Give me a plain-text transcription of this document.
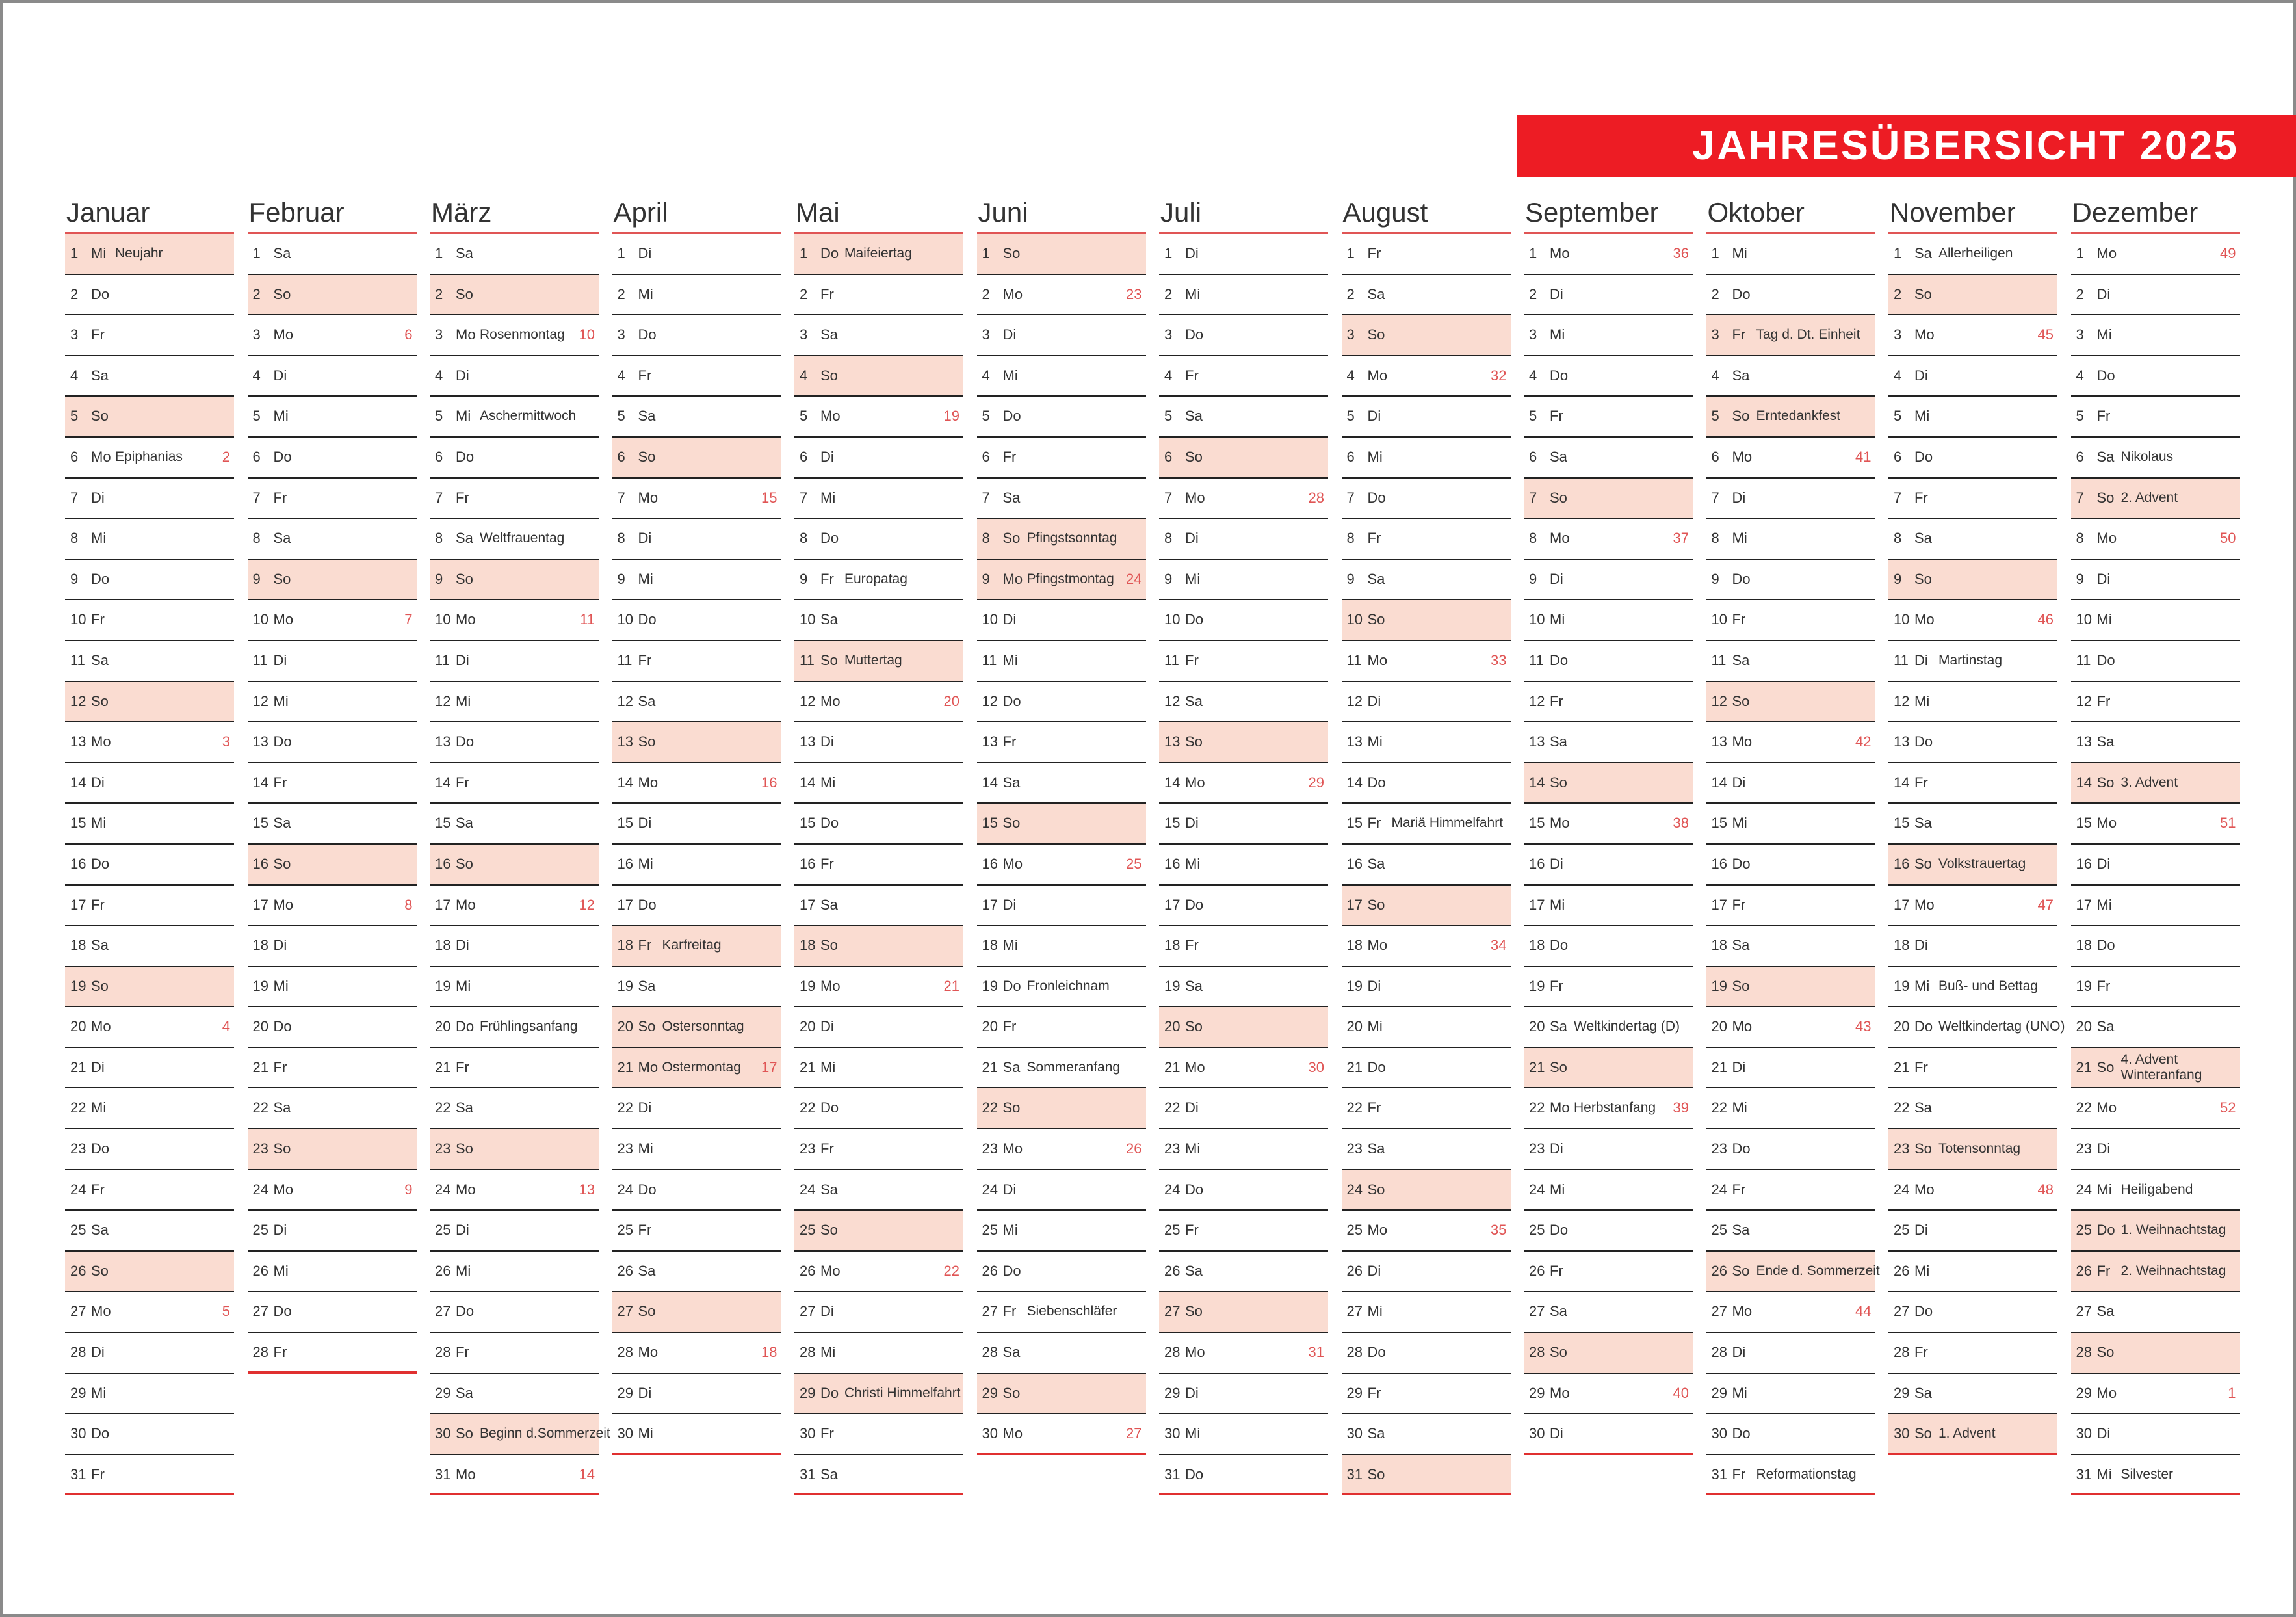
JAHRESÜBERSICHT 2025
Januar
1 Mi Neujahr
2 Do
3 Fr
4 Sa
5 So
6 Mo Epiphanias	2
7 Di
8 Mi
9 Do
10 Fr
11 Sa
12 So
13 Mo	3
14 Di
15 Mi
16 Do
17 Fr
18 Sa
19 So
20 Mo	4
21 Di
22 Mi
23 Do
24 Fr
25 Sa
26 So
27 Mo	5
28 Di
29 Mi
30 Do
31 Fr
Februar
1 Sa
2 So
3 Mo	6
4 Di
5 Mi
6 Do
7 Fr
8 Sa
9 So
10 Mo	7
11 Di
12 Mi
13 Do
14 Fr
15 Sa
16 So
17 Mo	8
18 Di
19 Mi
20 Do
21 Fr
22 Sa
23 So
24 Mo	9
25 Di
26 Mi
27 Do
28 Fr
März
1 Sa
2 So
3 Mo Rosenmontag 10
4 Di
5 Mi Aschermittwoch
6 Do
7 Fr
8 Sa Weltfrauentag
9 So
10 Mo	11
11 Di
12 Mi
13 Do
14 Fr
15 Sa
16 So
17 Mo	12
18 Di
19 Mi
20 Do Frühlingsanfang
21 Fr
22 Sa
23 So
24 Mo	13
25 Di
26 Mi
27 Do
28 Fr
29 Sa
30 So Beginn d.Sommerzeit
31 Mo	14
April
1 Di
2 Mi
3 Do
4 Fr
5 Sa
6 So
7 Mo	15
8 Di
9 Mi
10 Do
11 Fr
12 Sa
13 So
14 Mo	16
15 Di
16 Mi
17 Do
18 Fr Karfreitag
19 Sa
20 So Ostersonntag
21 Mo Ostermontag 17
22 Di
23 Mi
24 Do
25 Fr
26 Sa
27 So
28 Mo	18
29 Di
30 Mi
Mai
1 Do Maifeiertag
2 Fr
3 Sa
4 So
5 Mo	19
6 Di
7 Mi
8 Do
9 Fr Europatag
10 Sa
11 So Muttertag
12 Mo	20
13 Di
14 Mi
15 Do
16 Fr
17 Sa
18 So
19 Mo	21
20 Di
21 Mi
22 Do
23 Fr
24 Sa
25 So
26 Mo	22
27 Di
28 Mi
29 Do Christi Himmelfahrt
30 Fr
31 Sa
Juni
1 So
2 Mo	23
3 Di
4 Mi
5 Do
6 Fr
7 Sa
8 So Pfingstsonntag
9 Mo Pfingstmontag 24
10 Di
11 Mi
12 Do
13 Fr
14 Sa
15 So
16 Mo	25
17 Di
18 Mi
19 Do Fronleichnam
20 Fr
21 Sa Sommeranfang
22 So
23 Mo	26
24 Di
25 Mi
26 Do
27 Fr Siebenschläfer
28 Sa
29 So
30 Mo	27
Juli
1 Di
2 Mi
3 Do
4 Fr
5 Sa
6 So
7 Mo	28
8 Di
9 Mi
10 Do
11 Fr
12 Sa
13 So
14 Mo	29
15 Di
16 Mi
17 Do
18 Fr
19 Sa
20 So
21 Mo	30
22 Di
23 Mi
24 Do
25 Fr
26 Sa
27 So
28 Mo	31
29 Di
30 Mi
31 Do
August
1 Fr
2 Sa
3 So
4 Mo	32
5 Di
6 Mi
7 Do
8 Fr
9 Sa
10 So
11 Mo	33
12 Di
13 Mi
14 Do
15 Fr Mariä Himmelfahrt
16 Sa
17 So
18 Mo	34
19 Di
20 Mi
21 Do
22 Fr
23 Sa
24 So
25 Mo	35
26 Di
27 Mi
28 Do
29 Fr
30 Sa
31 So
September
1 Mo	36
2 Di
3 Mi
4 Do
5 Fr
6 Sa
7 So
8 Mo	37
9 Di
10 Mi
11 Do
12 Fr
13 Sa
14 So
15 Mo	38
16 Di
17 Mi
18 Do
19 Fr
20 Sa Weltkindertag (D)
21 So
22 Mo Herbstanfang 39
23 Di
24 Mi
25 Do
26 Fr
27 Sa
28 So
29 Mo	40
30 Di
Oktober
1 Mi
2 Do
3 Fr Tag d. Dt. Einheit
4 Sa
5 So Erntedankfest
6 Mo	41
7 Di
8 Mi
9 Do
10 Fr
11 Sa
12 So
13 Mo	42
14 Di
15 Mi
16 Do
17 Fr
18 Sa
19 So
20 Mo	43
21 Di
22 Mi
23 Do
24 Fr
25 Sa
26 So Ende d. Sommerzeit
27 Mo	44
28 Di
29 Mi
30 Do
31 Fr Reformationstag
November
1 Sa Allerheiligen
2 So
3 Mo	45
4 Di
5 Mi
6 Do
7 Fr
8 Sa
9 So
10 Mo	46
11 Di Martinstag
12 Mi
13 Do
14 Fr
15 Sa
16 So Volkstrauertag
17 Mo	47
18 Di
19 Mi Buß- und Bettag
20 Do Weltkindertag (UNO)
21 Fr
22 Sa
23 So Totensonntag
24 Mo	48
25 Di
26 Mi
27 Do
28 Fr
29 Sa
30 So 1. Advent
Dezember
1 Mo	49
2 Di
3 Mi
4 Do
5 Fr
6 Sa Nikolaus
7 So 2. Advent
8 Mo	50
9 Di
10 Mi
11 Do
12 Fr
13 Sa
14 So 3. Advent
15 Mo	51
16 Di
17 Mi
18 Do
19 Fr
20 Sa
21 So 4. Advent
Winteranfang
22 Mo	52
23 Di
24 Mi Heiligabend
25 Do 1. Weihnachtstag
26 Fr 2. Weihnachtstag
27 Sa
28 So
29 Mo	1
30 Di
31 Mi Silvester
